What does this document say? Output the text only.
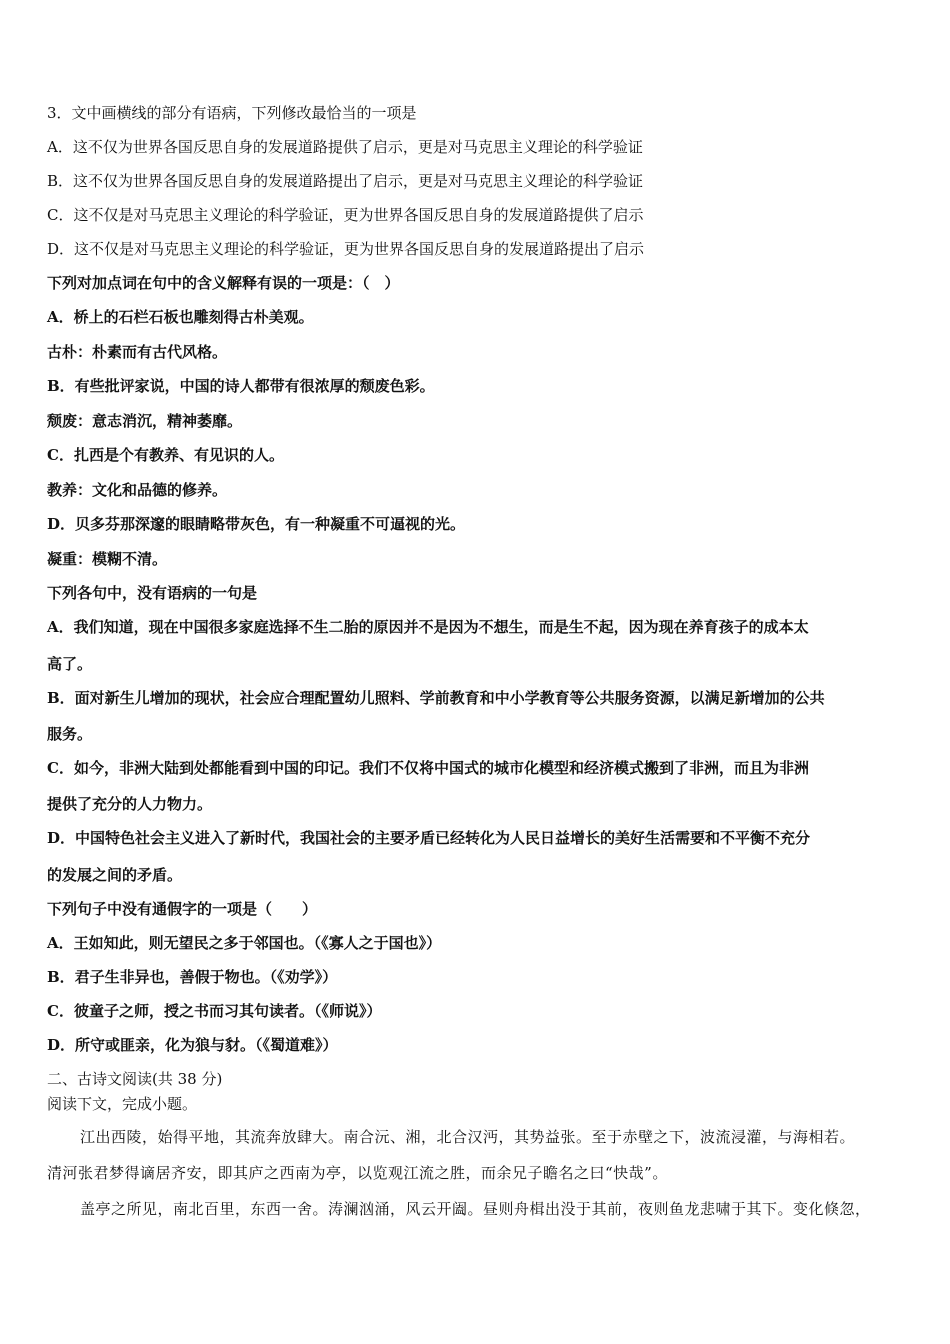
3．文中画横线的部分有语病，下列修改最恰当的一项是
A．这不仅为世界各国反思自身的发展道路提供了启示，更是对马克思主义理论的科学验证
B．这不仅为世界各国反思自身的发展道路提出了启示，更是对马克思主义理论的科学验证
C．这不仅是对马克思主义理论的科学验证，更为世界各国反思自身的发展道路提供了启示
D．这不仅是对马克思主义理论的科学验证，更为世界各国反思自身的发展道路提出了启示
下列对加点词在句中的含义解释有误的一项是：（　）
A．桥上的石栏石板也雕刻得古朴美观。
古朴：朴素而有古代风格。
B．有些批评家说，中国的诗人都带有很浓厚的颓废色彩。
颓废：意志消沉，精神萎靡。
C．扎西是个有教养、有见识的人。
教养：文化和品德的修养。
D．贝多芬那深邃的眼睛略带灰色，有一种凝重不可逼视的光。
凝重：模糊不清。
下列各句中，没有语病的一句是
A．我们知道，现在中国很多家庭选择不生二胎的原因并不是因为不想生，而是生不起，因为现在养育孩子的成本太
高了。
B．面对新生儿增加的现状，社会应合理配置幼儿照料、学前教育和中小学教育等公共服务资源，以满足新增加的公共
服务。
C．如今，非洲大陆到处都能看到中国的印记。我们不仅将中国式的城市化模型和经济模式搬到了非洲，而且为非洲
提供了充分的人力物力。
D．中国特色社会主义进入了新时代，我国社会的主要矛盾已经转化为人民日益增长的美好生活需要和不平衡不充分
的发展之间的矛盾。
下列句子中没有通假字的一项是（　　）
A．王如知此，则无望民之多于邻国也。（《寡人之于国也》）
B．君子生非异也，善假于物也。（《劝学》）
C．彼童子之师，授之书而习其句读者。（《师说》）
D．所守或匪亲，化为狼与豺。（《蜀道难》）
二、古诗文阅读(共 38 分)
阅读下文，完成小题。
江出西陵，始得平地，其流奔放肆大。南合沅、湘，北合汉沔，其势益张。至于赤壁之下，波流浸灌，与海相若。
清河张君梦得谪居齐安，即其庐之西南为亭，以览观江流之胜，而余兄子瞻名之曰“快哉”。
盖亭之所见，南北百里，东西一舍。涛澜汹涌，风云开阖。昼则舟楫出没于其前，夜则鱼龙悲啸于其下。变化倏忽，
